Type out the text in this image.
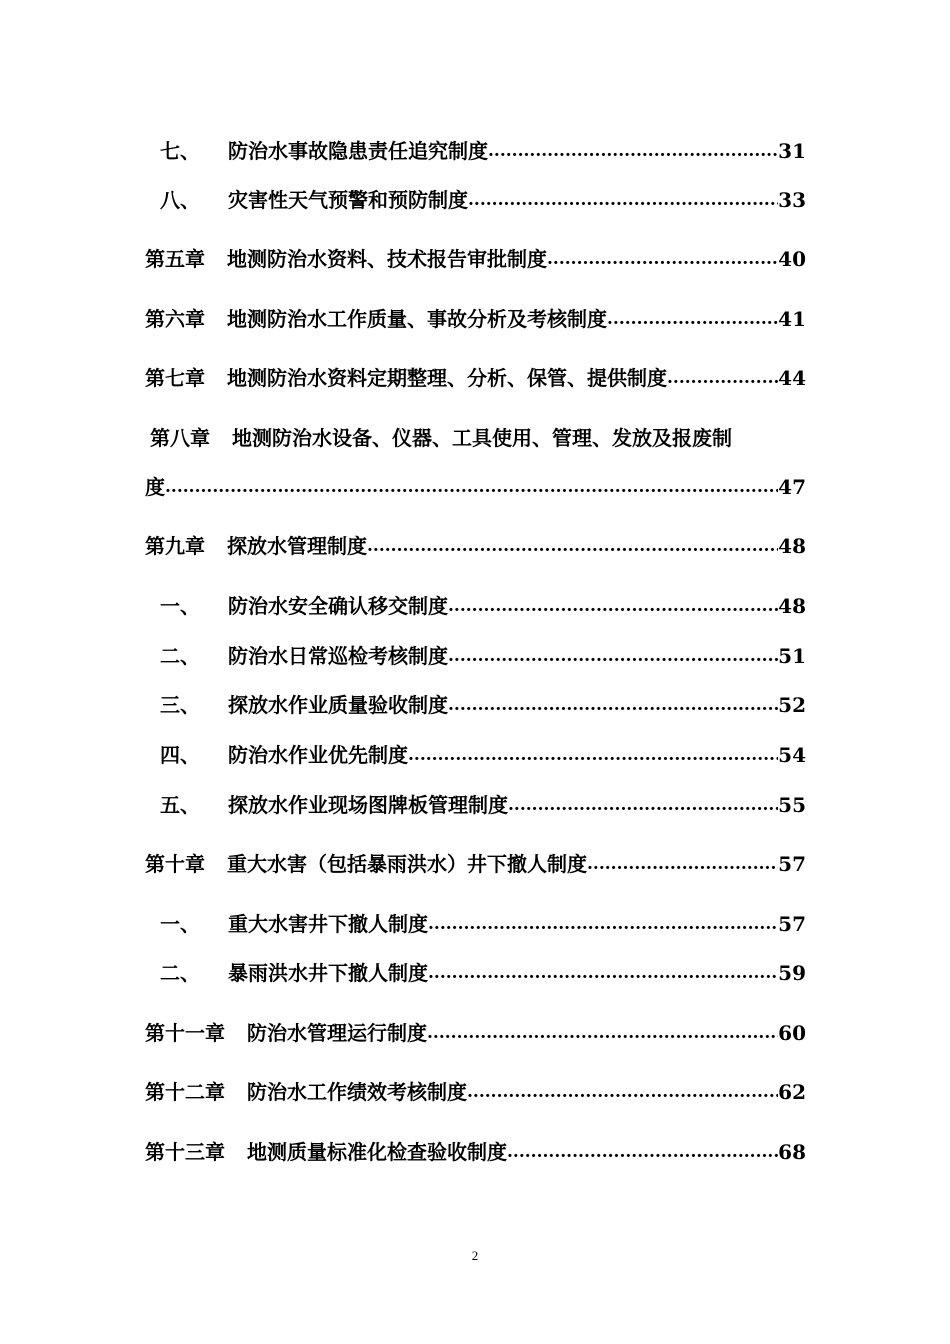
七、	防治水事故隐患责任追究制度 .....	31
八、	灾害性天气预警和预防制度 .....	33
第五章 地测防治水资料、技术报告审批制度 .....	40
第六章 地测防治水工作质量、事故分析及考核制度 .....	41
第七章 地测防治水资料定期整理、分析、保管、提供制度 .....	44
第八章 地测防治水设备、仪器、工具使用、管理、发放及报废制
度 .....	47
第九章 探放水管理制度 .....	48
一、	防治水安全确认移交制度 .....	48
二、	防治水日常巡检考核制度 .....	51
三、	探放水作业质量验收制度 .....	52
四、	防治水作业优先制度 .....	54
五、	探放水作业现场图牌板管理制度 .....	55
第十章 重大水害（包括暴雨洪水）井下撤人制度 .....	57
一、	重大水害井下撤人制度 .....	57
二、	暴雨洪水井下撤人制度 .....	59
第十一章 防治水管理运行制度 .....	60
第十二章 防治水工作绩效考核制度 .....	62
第十三章 地测质量标准化检查验收制度 .....	68
2
